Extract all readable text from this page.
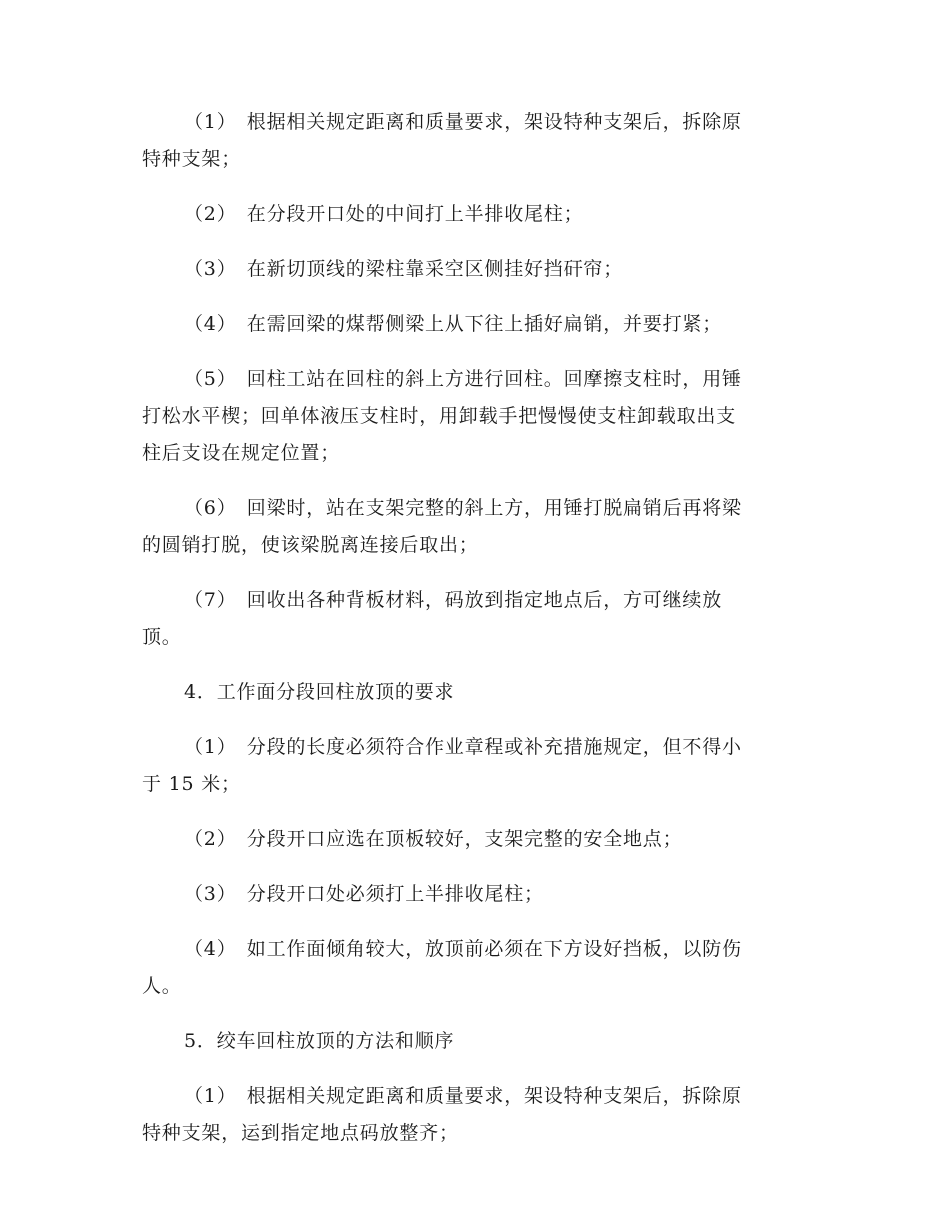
（1）　根据相关规定距离和质量要求，架设特种支架后，拆除原
特种支架；

（2）　在分段开口处的中间打上半排收尾柱；

（3）　在新切顶线的梁柱靠采空区侧挂好挡矸帘；

（4）　在需回梁的煤帮侧梁上从下往上插好扁销，并要打紧；

（5）　回柱工站在回柱的斜上方进行回柱。回摩擦支柱时，用锤
打松水平楔；回单体液压支柱时，用卸载手把慢慢使支柱卸载取出支
柱后支设在规定位置；

（6）　回梁时，站在支架完整的斜上方，用锤打脱扁销后再将梁
的圆销打脱，使该梁脱离连接后取出；

（7）　回收出各种背板材料，码放到指定地点后，方可继续放
顶。

4．工作面分段回柱放顶的要求

（1）　分段的长度必须符合作业章程或补充措施规定，但不得小
于 15 米；

（2）　分段开口应选在顶板较好，支架完整的安全地点；

（3）　分段开口处必须打上半排收尾柱；

（4）　如工作面倾角较大，放顶前必须在下方设好挡板，以防伤
人。

5．绞车回柱放顶的方法和顺序

（1）　根据相关规定距离和质量要求，架设特种支架后，拆除原
特种支架，运到指定地点码放整齐；
